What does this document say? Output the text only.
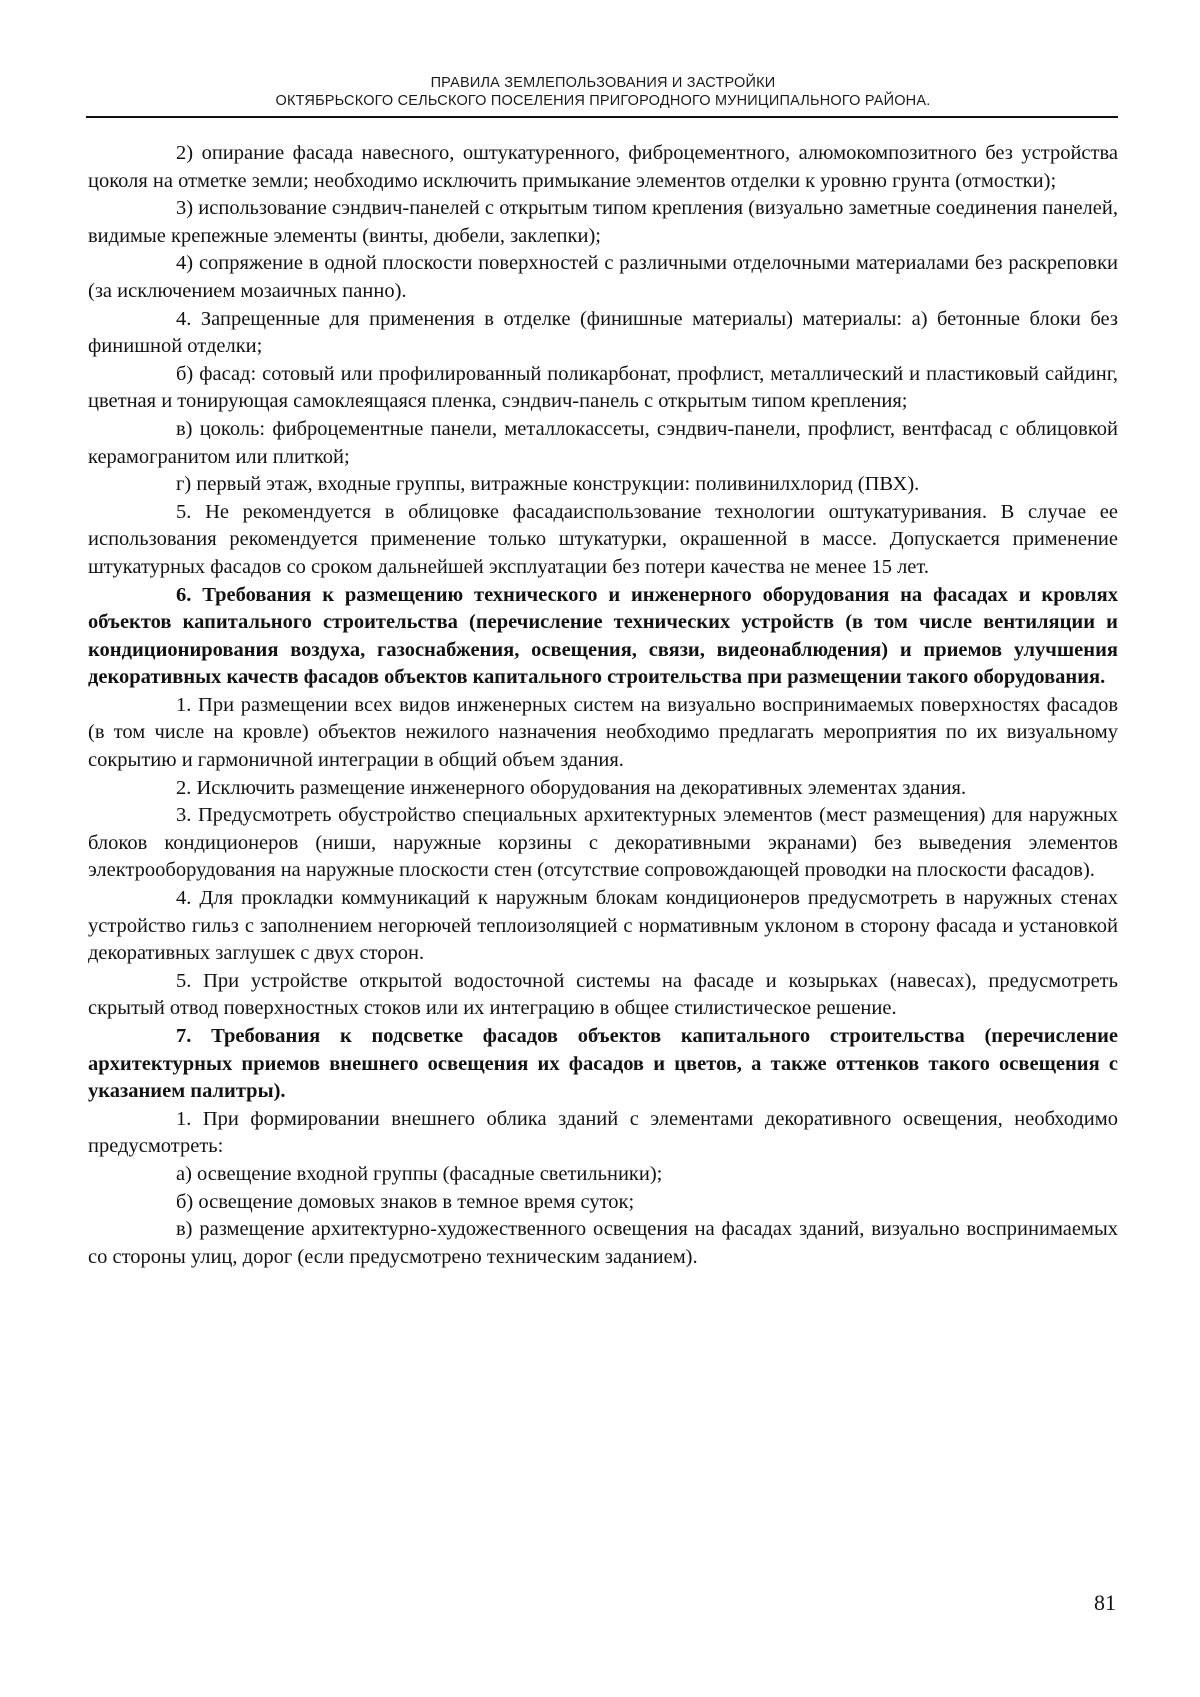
ПРАВИЛА ЗЕМЛЕПОЛЬЗОВАНИЯ И ЗАСТРОЙКИ
ОКТЯБРЬСКОГО СЕЛЬСКОГО ПОСЕЛЕНИЯ ПРИГОРОДНОГО МУНИЦИПАЛЬНОГО РАЙОНА.

2) опирание фасада навесного, оштукатуренного, фиброцементного, алюмокомпозитного без устройства цоколя на отметке земли; необходимо исключить примыкание элементов отделки к уровню грунта (отмостки);

3) использование сэндвич-панелей с открытым типом крепления (визуально заметные соединения панелей, видимые крепежные элементы (винты, дюбели, заклепки);

4) сопряжение в одной плоскости поверхностей с различными отделочными материалами без раскреповки (за исключением мозаичных панно).

4. Запрещенные для применения в отделке (финишные материалы) материалы: а) бетонные блоки без финишной отделки;

б) фасад: сотовый или профилированный поликарбонат, профлист, металлический и пластиковый сайдинг, цветная и тонирующая самоклеящаяся пленка, сэндвич-панель с открытым типом крепления;

в) цоколь: фиброцементные панели, металлокассеты, сэндвич-панели, профлист, вентфасад с облицовкой керамогранитом или плиткой;

г) первый этаж, входные группы, витражные конструкции: поливинилхлорид (ПВХ).

5. Не рекомендуется в облицовке фасадаиспользование технологии оштукатуривания. В случае ее использования рекомендуется применение только штукатурки, окрашенной в массе. Допускается применение штукатурных фасадов со сроком дальнейшей эксплуатации без потери качества не менее 15 лет.

6. Требования к размещению технического и инженерного оборудования на фасадах и кровлях объектов капитального строительства (перечисление технических устройств (в том числе вентиляции и кондиционирования воздуха, газоснабжения, освещения, связи, видеонаблюдения) и приемов улучшения декоративных качеств фасадов объектов капитального строительства при размещении такого оборудования.

1. При размещении всех видов инженерных систем на визуально воспринимаемых поверхностях фасадов (в том числе на кровле) объектов нежилого назначения необходимо предлагать мероприятия по их визуальному сокрытию и гармоничной интеграции в общий объем здания.

2. Исключить размещение инженерного оборудования на декоративных элементах здания.

3. Предусмотреть обустройство специальных архитектурных элементов (мест размещения) для наружных блоков кондиционеров (ниши, наружные корзины с декоративными экранами) без выведения элементов электрооборудования на наружные плоскости стен (отсутствие сопровождающей проводки на плоскости фасадов).

4. Для прокладки коммуникаций к наружным блокам кондиционеров предусмотреть в наружных стенах устройство гильз с заполнением негорючей теплоизоляцией с нормативным уклоном в сторону фасада и установкой декоративных заглушек с двух сторон.

5. При устройстве открытой водосточной системы на фасаде и козырьках (навесах), предусмотреть скрытый отвод поверхностных стоков или их интеграцию в общее стилистическое решение.

7. Требования к подсветке фасадов объектов капитального строительства (перечисление архитектурных приемов внешнего освещения их фасадов и цветов, а также оттенков такого освещения с указанием палитры).

1. При формировании внешнего облика зданий с элементами декоративного освещения, необходимо предусмотреть:

а) освещение входной группы (фасадные светильники);

б) освещение домовых знаков в темное время суток;

в) размещение архитектурно-художественного освещения на фасадах зданий, визуально воспринимаемых со стороны улиц, дорог (если предусмотрено техническим заданием).

81
